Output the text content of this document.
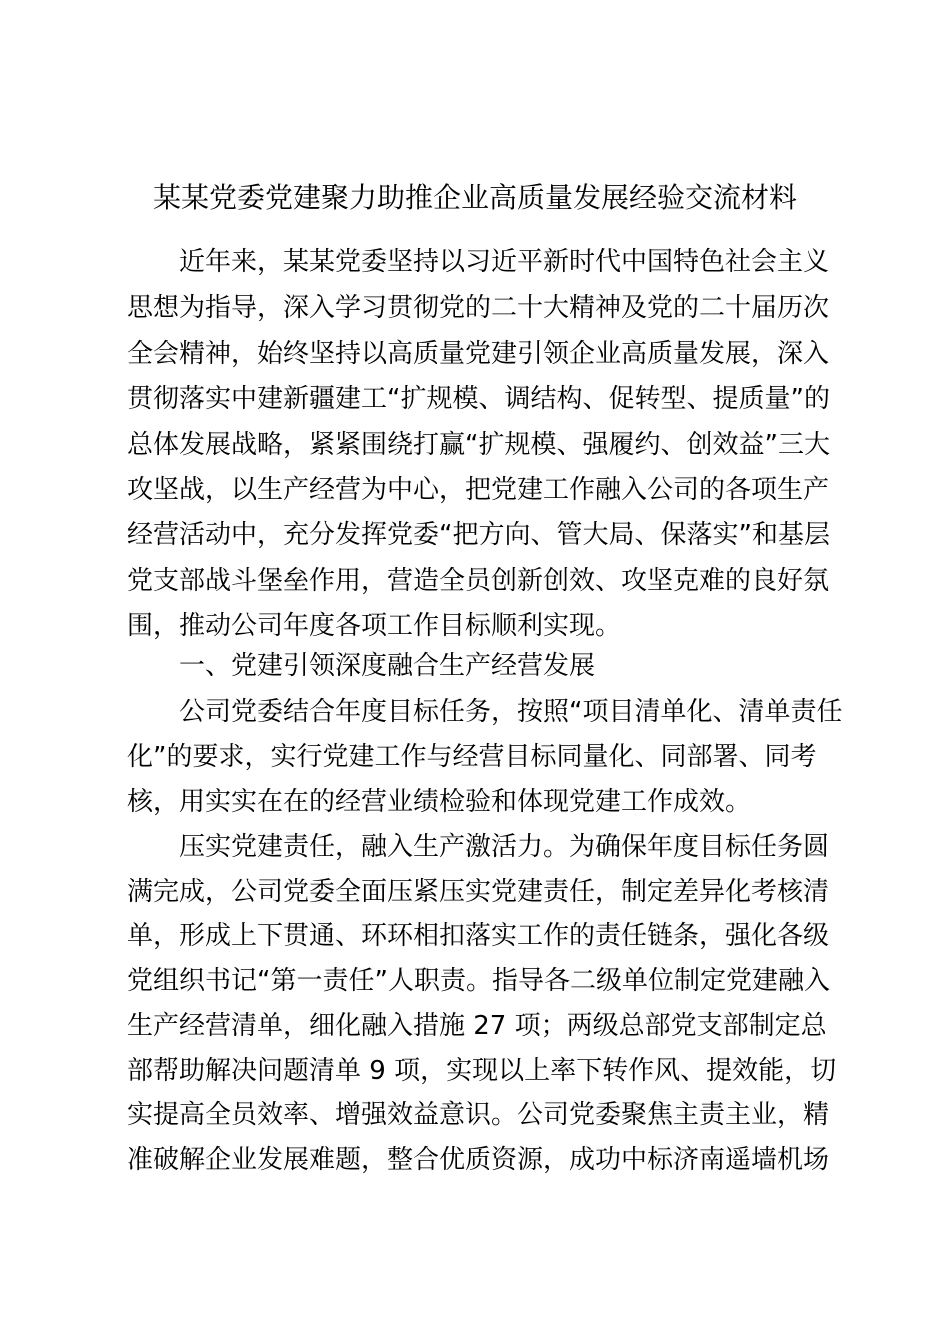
某某党委党建聚力助推企业高质量发展经验交流材料

近年来，某某党委坚持以习近平新时代中国特色社会主义

思想为指导，深入学习贯彻党的二十大精神及党的二十届历次

全会精神，始终坚持以高质量党建引领企业高质量发展，深入

贯彻落实中建新疆建工“扩规模、调结构、促转型、提质量”的

总体发展战略，紧紧围绕打赢“扩规模、强履约、创效益”三大

攻坚战，以生产经营为中心，把党建工作融入公司的各项生产

经营活动中，充分发挥党委“把方向、管大局、保落实”和基层

党支部战斗堡垒作用，营造全员创新创效、攻坚克难的良好氛

围，推动公司年度各项工作目标顺利实现。

一、党建引领深度融合生产经营发展

公司党委结合年度目标任务，按照“项目清单化、清单责任

化”的要求，实行党建工作与经营目标同量化、同部署、同考

核，用实实在在的经营业绩检验和体现党建工作成效。

压实党建责任，融入生产激活力。为确保年度目标任务圆

满完成，公司党委全面压紧压实党建责任，制定差异化考核清

单，形成上下贯通、环环相扣落实工作的责任链条，强化各级

党组织书记“第一责任”人职责。指导各二级单位制定党建融入

生产经营清单，细化融入措施 27 项；两级总部党支部制定总

部帮助解决问题清单 9 项，实现以上率下转作风、提效能，切

实提高全员效率、增强效益意识。公司党委聚焦主责主业，精

准破解企业发展难题，整合优质资源，成功中标济南遥墙机场
